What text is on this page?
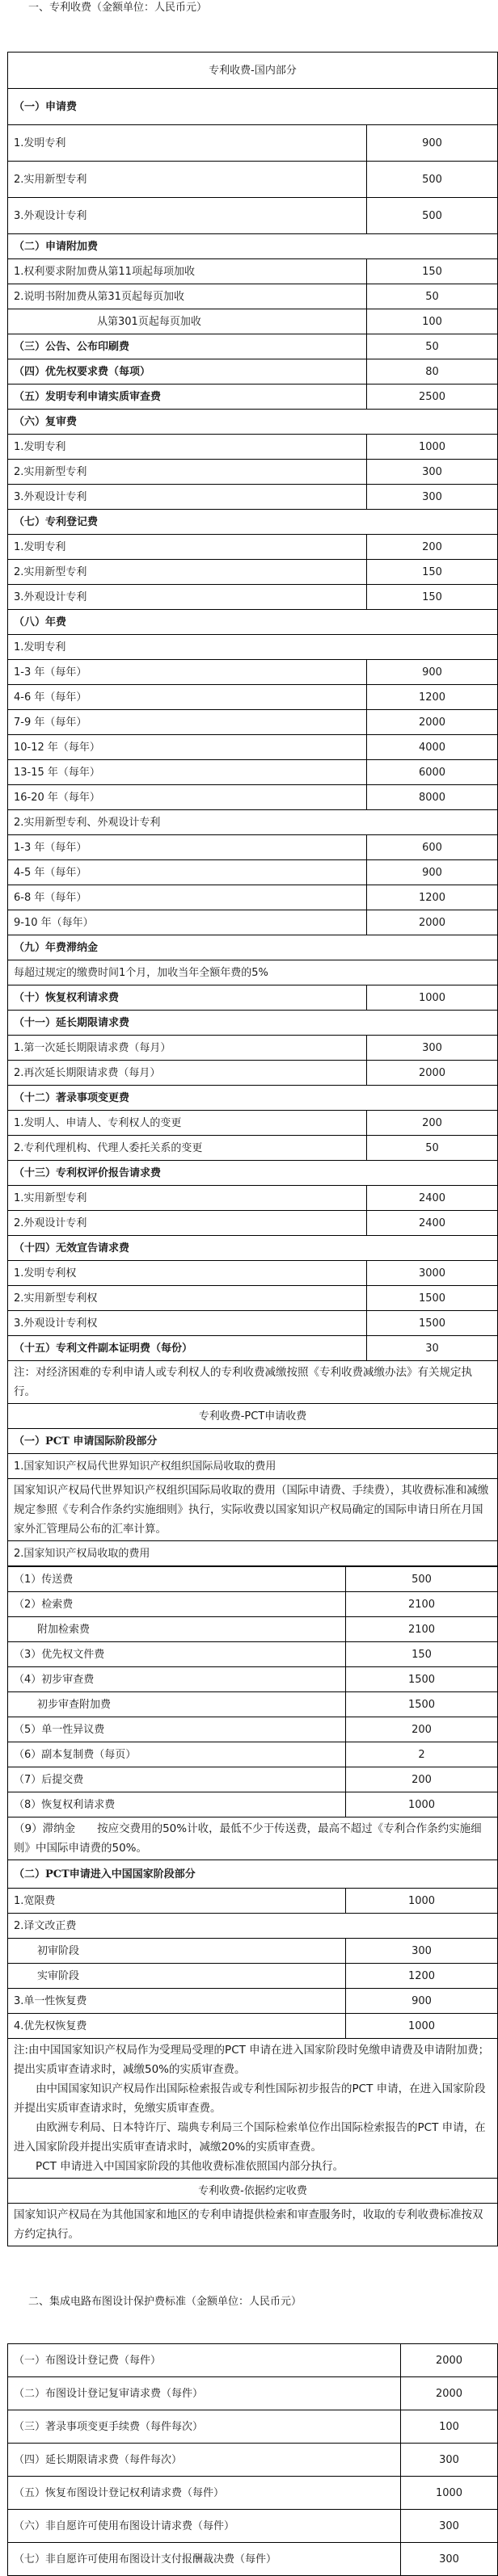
一、专利收费（金额单位：人民币元）
专利收费-国内部分	
（一）申请费	
1.发明专利	900
2.实用新型专利	500
3.外观设计专利	500
（二）申请附加费	
1.权利要求附加费从第11项起每项加收	150
2.说明书附加费从第31页起每页加收	50
从第301页起每页加收	100
（三）公告、公布印刷费	50
（四）优先权要求费（每项）	80
（五）发明专利申请实质审查费	2500
（六）复审费	
1.发明专利	1000
2.实用新型专利	300
3.外观设计专利	300
（七）专利登记费	
1.发明专利	200
2.实用新型专利	150
3.外观设计专利	150
（八）年费	
1.发明专利	
1-3 年（每年）	900
4-6 年（每年）	1200
7-9 年（每年）	2000
10-12 年（每年）	4000
13-15 年（每年）	6000
16-20 年（每年）	8000
2.实用新型专利、外观设计专利	
1-3 年（每年）	600
4-5 年（每年）	900
6-8 年（每年）	1200
9-10 年（每年）	2000
（九）年费滞纳金	
每超过规定的缴费时间1个月，加收当年全额年费的5%	
（十）恢复权利请求费	1000
（十一）延长期限请求费	
1.第一次延长期限请求费（每月）	300
2.再次延长期限请求费（每月）	2000
（十二）著录事项变更费	
1.发明人、申请人、专利权人的变更	200
2.专利代理机构、代理人委托关系的变更	50
（十三）专利权评价报告请求费	
1.实用新型专利	2400
2.外观设计专利	2400
（十四）无效宣告请求费	
1.发明专利权	3000
2.实用新型专利权	1500
3.外观设计专利权	1500
（十五）专利文件副本证明费（每份）	30
注：对经济困难的专利申请人或专利权人的专利收费减缴按照《专利收费减缴办法》有关规定执行。	
专利收费-PCT申请收费	
（一）PCT 申请国际阶段部分	
1.国家知识产权局代世界知识产权组织国际局收取的费用	
国家知识产权局代世界知识产权组织国际局收取的费用（国际申请费、手续费），其收费标准和减缴规定参照《专利合作条约实施细则》执行，实际收费以国家知识产权局确定的国际申请日所在月国家外汇管理局公布的汇率计算。	
2.国家知识产权局收取的费用	
（1）传送费	500
（2）检索费	2100
附加检索费	2100
（3）优先权文件费	150
（4）初步审查费	1500
初步审查附加费	1500
（5）单一性异议费	200
（6）副本复制费（每页）	2
（7）后提交费	200
（8）恢复权利请求费	1000
（9）滞纳金　　按应交费用的50%计收，最低不少于传送费，最高不超过《专利合作条约实施细则》中国际申请费的50%。	
（二）PCT申请进入中国国家阶段部分	
1.宽限费	1000
2.译文改正费	
初审阶段	300
实审阶段	1200
3.单一性恢复费	900
4.优先权恢复费	1000

注:由中国国家知识产权局作为受理局受理的PCT 申请在进入国家阶段时免缴申请费及申请附加费；提出实质审查请求时，减缴50%的实质审查费。

由中国国家知识产权局作出国际检索报告或专利性国际初步报告的PCT 申请，在进入国家阶段并提出实质审查请求时，免缴实质审查费。

由欧洲专利局、日本特许厅、瑞典专利局三个国际检索单位作出国际检索报告的PCT 申请，在进入国家阶段并提出实质审查请求时，减缴20%的实质审查费。

PCT 申请进入中国国家阶段的其他收费标准依照国内部分执行。	

专利收费-依据约定收费	
国家知识产权局在为其他国家和地区的专利申请提供检索和审查服务时，收取的专利收费标准按双方约定执行。	
二、集成电路布图设计保护费标准（金额单位：人民币元）
（一）布图设计登记费（每件）	2000
（二）布图设计登记复审请求费（每件）	2000
（三）著录事项变更手续费（每件每次）	100
（四）延长期限请求费（每件每次）	300
（五）恢复布图设计登记权利请求费（每件）	1000
（六）非自愿许可使用布图设计请求费（每件）	300
（七）非自愿许可使用布图设计支付报酬裁决费（每件）	300
